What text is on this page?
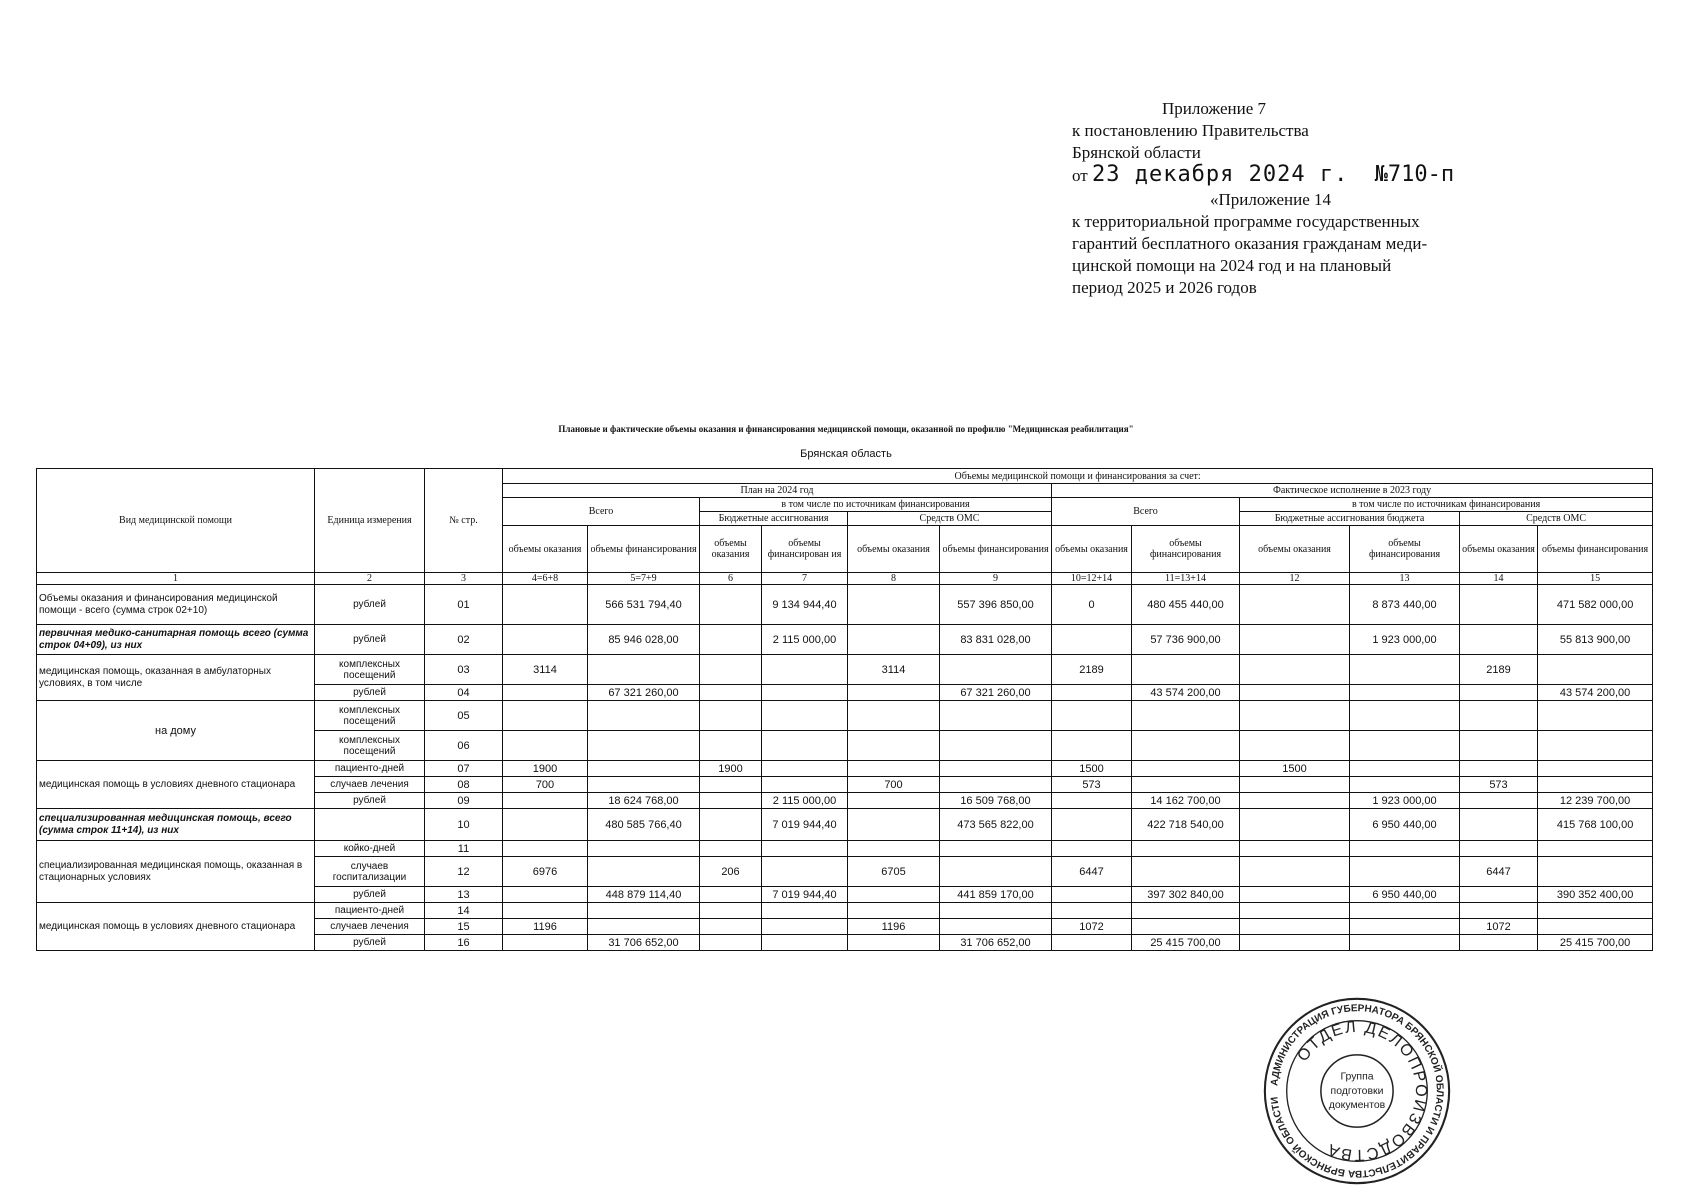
Приложение 7
к постановлению Правительства
Брянской области
от 23 декабря 2024 г. №710-п
«Приложение 14
к территориальной программе государственных
гарантий бесплатного оказания гражданам меди-
цинской помощи на 2024 год и на плановый
период 2025 и 2026 годов
Плановые и фактические объемы оказания и финансирования медицинской помощи, оказанной по профилю "Медицинская реабилитация"
Брянская область
Вид медицинской помощи	Единица измерения	№ стр.	Объемы медицинской помощи и финансирования за счет:											
			План на 2024 год						Фактическое исполнение в 2023 году					
			Всего		в том числе по источникам финансирования				Всего		в том числе по источникам финансирования			
					Бюджетные ассигнования		Средств ОМС				Бюджетные ассигнования бюджета		Средств ОМС	
			объемы оказания	объемы финансирования	объемы оказания	объемы финансирован ия	объемы оказания	объемы финансирования	объемы оказания	объемы финансирования	объемы оказания	объемы финансирования	объемы оказания	объемы финансирования
1	2	3	4=6+8	5=7+9	6	7	8	9	10=12+14	11=13+14	12	13	14	15
Объемы оказания и финансирования медицинской помощи - всего (сумма строк 02+10)	рублей	01		566 531 794,40		9 134 944,40		557 396 850,00	0	480 455 440,00		8 873 440,00		471 582 000,00
первичная медико-санитарная помощь всего (сумма строк 04+09), из них	рублей	02		85 946 028,00		2 115 000,00		83 831 028,00		57 736 900,00		1 923 000,00		55 813 900,00
медицинская помощь, оказанная в амбулаторных условиях, в том числе	комплексных посещений	03	3114				3114		2189				2189	
	рублей	04		67 321 260,00				67 321 260,00		43 574 200,00				43 574 200,00
на дому	комплексных посещений	05												
	комплексных посещений	06												
медицинская помощь в условиях дневного стационара	пациенто-дней	07	1900		1900				1500		1500			
	случаев лечения	08	700				700		573				573	
	рублей	09		18 624 768,00		2 115 000,00		16 509 768,00		14 162 700,00		1 923 000,00		12 239 700,00
специализированная медицинская помощь, всего (сумма строк 11+14), из них		10		480 585 766,40		7 019 944,40		473 565 822,00		422 718 540,00		6 950 440,00		415 768 100,00
специализированная медицинская помощь, оказанная в стационарных условиях	койко-дней	11												
	случаев госпитализации	12	6976		206		6705		6447				6447	
	рублей	13		448 879 114,40		7 019 944,40		441 859 170,00		397 302 840,00		6 950 440,00		390 352 400,00
медицинская помощь в условиях дневного стационара	пациенто-дней	14												
	случаев лечения	15	1196				1196		1072				1072	
	рублей	16		31 706 652,00				31 706 652,00		25 415 700,00				25 415 700,00
АДМИНИСТРАЦИЯ ГУБЕРНАТОРА БРЯНСКОЙ ОБЛАСТИ И ПРАВИТЕЛЬСТВА БРЯНСКОЙ ОБЛАСТИ
ОТДЕЛ ДЕЛОПРОИЗВОДСТВА
Группа
подготовки
документов
